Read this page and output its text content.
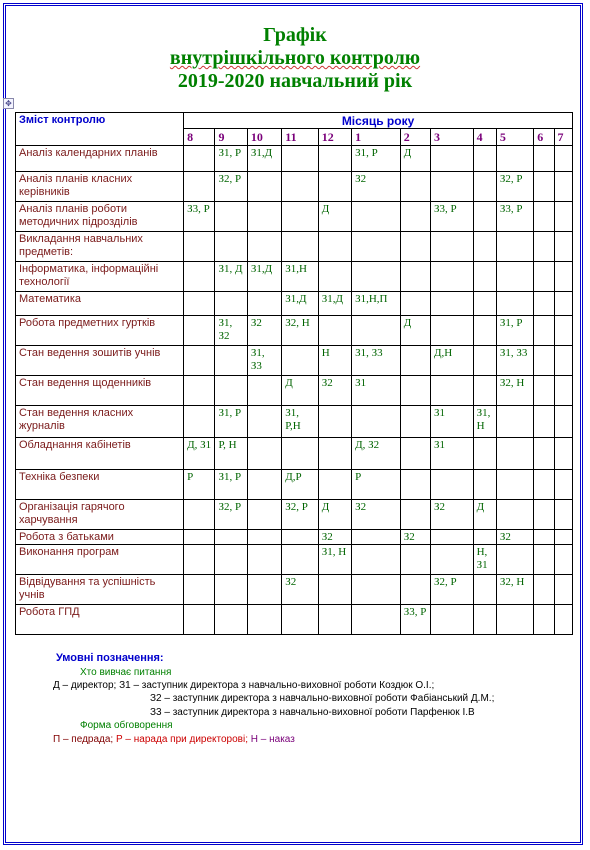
Графік
внутрішкільного контролю
2019-2020 навчальний рік
✥
Зміст контролю	Місяць року											
	8	9	10	11	12	1	2	3	4	5	6	7
Аналіз календарних планів		З1, Р	З1,Д			З1, Р	Д					
Аналіз планів класних керівників		З2, Р				З2				З2, Р		
Аналіз планів роботи методичних підрозділів	З3, Р				Д			З3, Р		З3, Р		
Викладання навчальних предметів:												
Інформатика, інформаційні технології		З1, Д	З1,Д	З1,Н								
Математика				З1,Д	З1,Д	З1,Н,П						
Робота предметних гуртків		З1, З2	З2	З2, Н			Д			З1, Р		
Стан ведення зошитів учнів			З1, З3		Н	З1, З3		Д,Н		З1, З3		
Стан ведення щоденників				Д	З2	З1				З2, Н		
Стан ведення класних журналів		З1, Р		З1, Р,Н				З1	З1, Н			
Обладнання кабінетів	Д, З1	Р, Н				Д, З2		З1				
Техніка безпеки	Р	З1, Р		Д,Р		Р						
Організація гарячого харчування		З2, Р		З2, Р	Д	З2		З2	Д			
Робота з батьками					З2		З2			З2		
Виконання програм					З1, Н				Н, З1			
Відвідування та успішність учнів				З2				З2, Р		З2, Н		
Робота ГПД							З3, Р					
Умовні позначення:
Хто вивчає питання
Д – директор; З1 – заступник директора з навчально-виховної роботи Коздюк О.І.;
З2 – заступник директора з навчально-виховної роботи Фабіанський Д.М.;
З3 – заступник директора з навчально-виховної роботи Парфенюк І.В
Форма обговорення
П – педрада; Р – нарада при директорові; Н – наказ
